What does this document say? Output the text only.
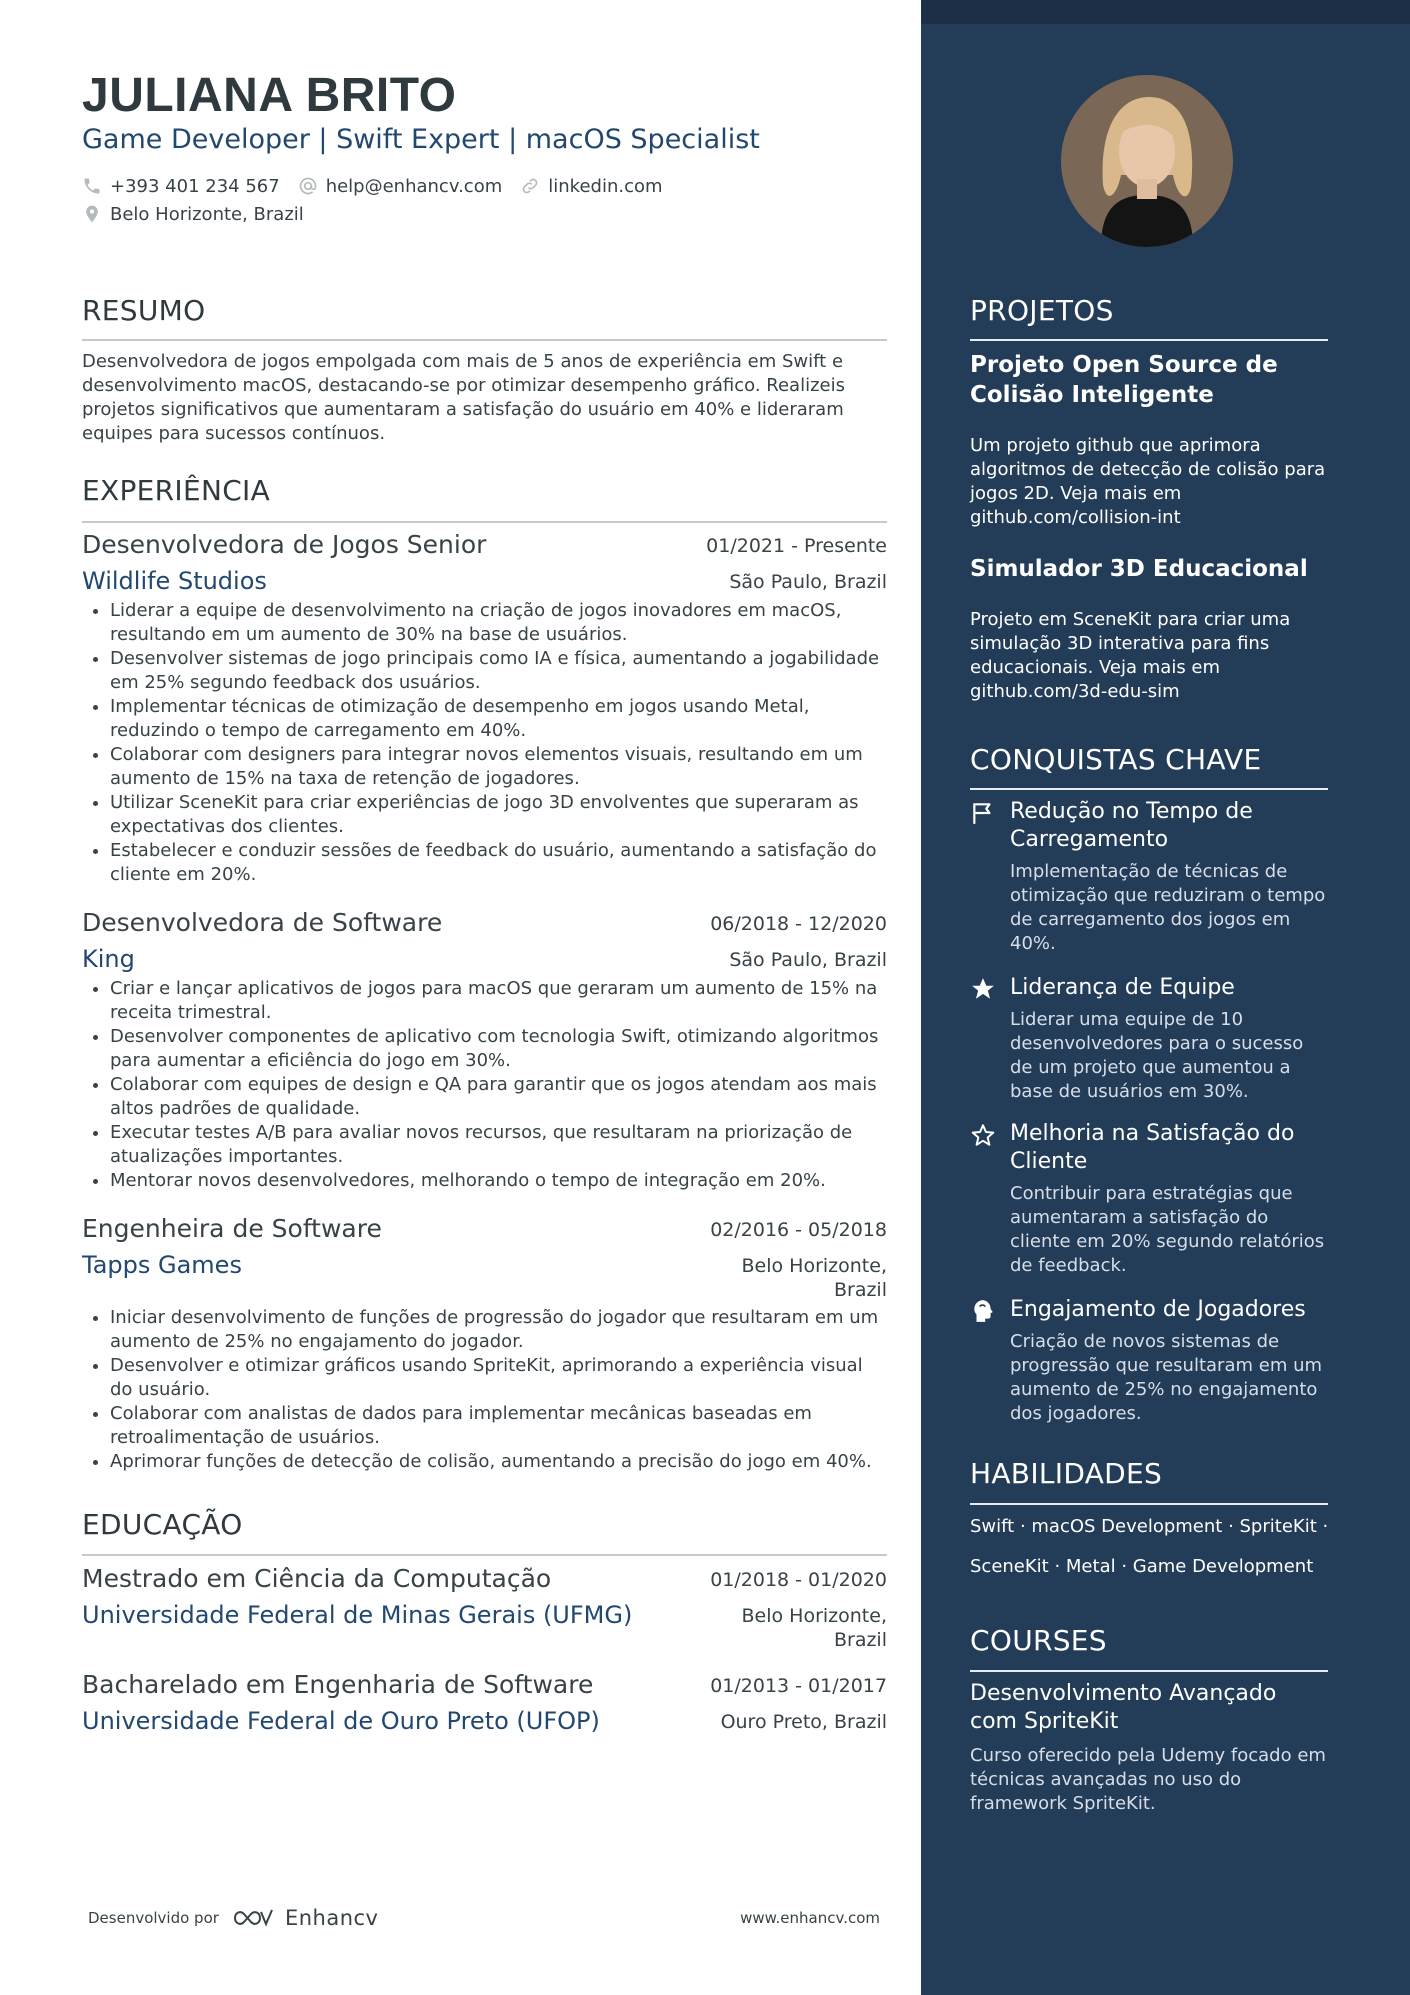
JULIANA BRITO
Game Developer | Swift Expert | macOS Specialist
+393 401 234 567	help@enhancv.com	linkedin.com
Belo Horizonte, Brazil
RESUMO
Desenvolvedora de jogos empolgada com mais de 5 anos de experiência em Swift e desenvolvimento macOS, destacando-se por otimizar desempenho gráfico. Realizeis projetos significativos que aumentaram a satisfação do usuário em 40% e lideraram equipes para sucessos contínuos.
EXPERIÊNCIA
Desenvolvedora de Jogos Senior	01/2021 - Presente
Wildlife Studios	São Paulo, Brazil
• Liderar a equipe de desenvolvimento na criação de jogos inovadores em macOS, resultando em um aumento de 30% na base de usuários.
• Desenvolver sistemas de jogo principais como IA e física, aumentando a jogabilidade em 25% segundo feedback dos usuários.
• Implementar técnicas de otimização de desempenho em jogos usando Metal, reduzindo o tempo de carregamento em 40%.
• Colaborar com designers para integrar novos elementos visuais, resultando em um aumento de 15% na taxa de retenção de jogadores.
• Utilizar SceneKit para criar experiências de jogo 3D envolventes que superaram as expectativas dos clientes.
• Estabelecer e conduzir sessões de feedback do usuário, aumentando a satisfação do cliente em 20%.
Desenvolvedora de Software	06/2018 - 12/2020
King	São Paulo, Brazil
• Criar e lançar aplicativos de jogos para macOS que geraram um aumento de 15% na receita trimestral.
• Desenvolver componentes de aplicativo com tecnologia Swift, otimizando algoritmos para aumentar a eficiência do jogo em 30%.
• Colaborar com equipes de design e QA para garantir que os jogos atendam aos mais altos padrões de qualidade.
• Executar testes A/B para avaliar novos recursos, que resultaram na priorização de atualizações importantes.
• Mentorar novos desenvolvedores, melhorando o tempo de integração em 20%.
Engenheira de Software	02/2016 - 05/2018
Tapps Games	Belo Horizonte, Brazil
• Iniciar desenvolvimento de funções de progressão do jogador que resultaram em um aumento de 25% no engajamento do jogador.
• Desenvolver e otimizar gráficos usando SpriteKit, aprimorando a experiência visual do usuário.
• Colaborar com analistas de dados para implementar mecânicas baseadas em retroalimentação de usuários.
• Aprimorar funções de detecção de colisão, aumentando a precisão do jogo em 40%.
EDUCAÇÃO
Mestrado em Ciência da Computação	01/2018 - 01/2020
Universidade Federal de Minas Gerais (UFMG)	Belo Horizonte, Brazil
Bacharelado em Engenharia de Software	01/2013 - 01/2017
Universidade Federal de Ouro Preto (UFOP)	Ouro Preto, Brazil
Desenvolvido por	Enhancv	www.enhancv.com
PROJETOS
Projeto Open Source de Colisão Inteligente
Um projeto github que aprimora algoritmos de detecção de colisão para jogos 2D. Veja mais em github.com/collision-int
Simulador 3D Educacional
Projeto em SceneKit para criar uma simulação 3D interativa para fins educacionais. Veja mais em github.com/3d-edu-sim
CONQUISTAS CHAVE
Redução no Tempo de Carregamento
Implementação de técnicas de otimização que reduziram o tempo de carregamento dos jogos em 40%.
Liderança de Equipe
Liderar uma equipe de 10 desenvolvedores para o sucesso de um projeto que aumentou a base de usuários em 30%.
Melhoria na Satisfação do Cliente
Contribuir para estratégias que aumentaram a satisfação do cliente em 20% segundo relatórios de feedback.
Engajamento de Jogadores
Criação de novos sistemas de progressão que resultaram em um aumento de 25% no engajamento dos jogadores.
HABILIDADES
Swift · macOS Development · SpriteKit · SceneKit · Metal · Game Development
COURSES
Desenvolvimento Avançado com SpriteKit
Curso oferecido pela Udemy focado em técnicas avançadas no uso do framework SpriteKit.
